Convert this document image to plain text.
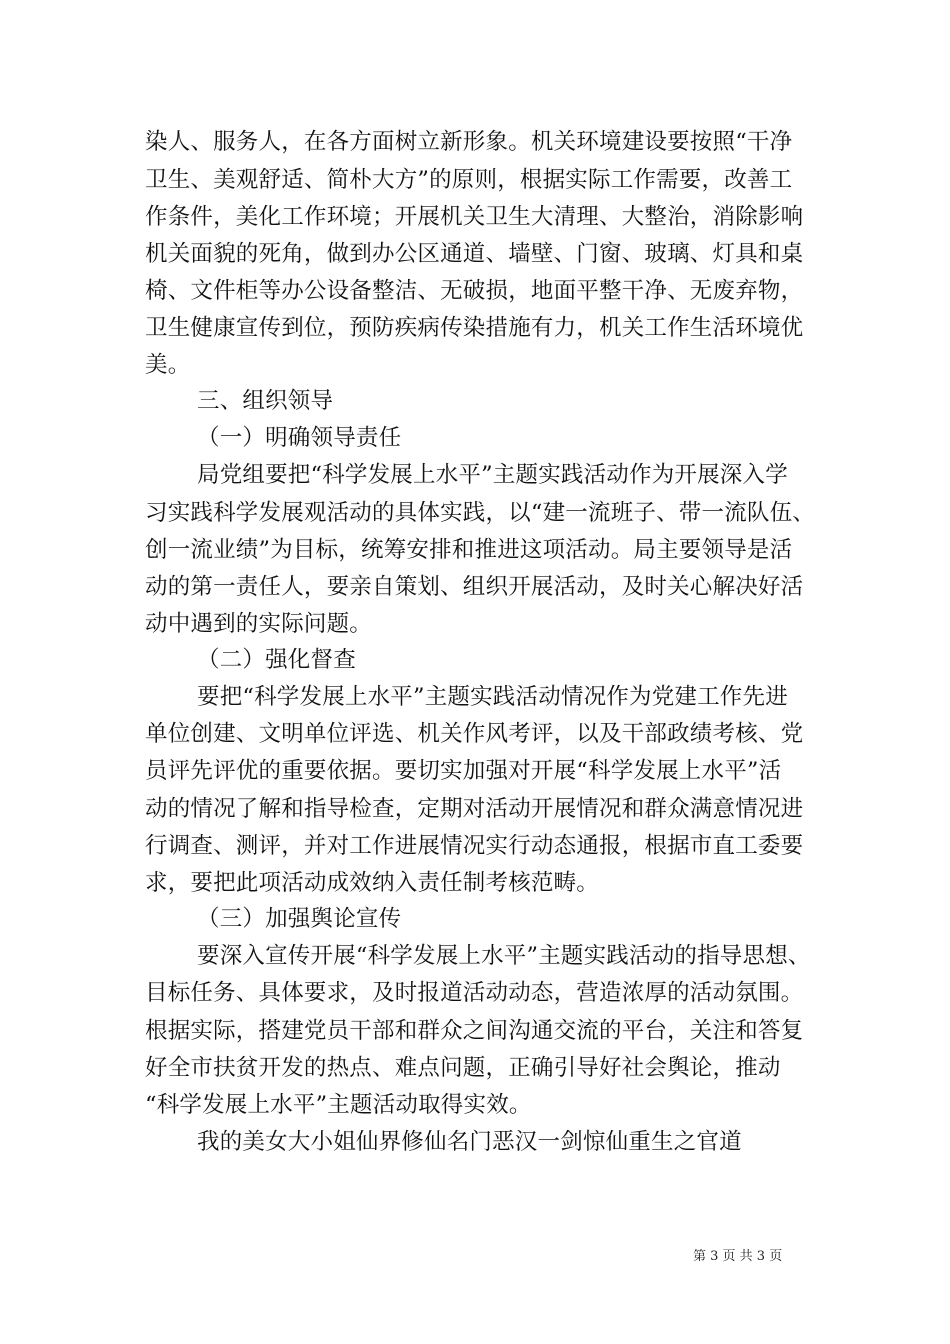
染人、服务人，在各方面树立新形象。机关环境建设要按照“干净
卫生、美观舒适、简朴大方”的原则，根据实际工作需要，改善工
作条件，美化工作环境；开展机关卫生大清理、大整治，消除影响
机关面貌的死角，做到办公区通道、墙壁、门窗、玻璃、灯具和桌
椅、文件柜等办公设备整洁、无破损，地面平整干净、无废弃物，
卫生健康宣传到位，预防疾病传染措施有力，机关工作生活环境优
美。
三、组织领导
（一）明确领导责任
局党组要把“科学发展上水平”主题实践活动作为开展深入学
习实践科学发展观活动的具体实践，以“建一流班子、带一流队伍、
创一流业绩”为目标，统筹安排和推进这项活动。局主要领导是活
动的第一责任人，要亲自策划、组织开展活动，及时关心解决好活
动中遇到的实际问题。
（二）强化督查
要把“科学发展上水平”主题实践活动情况作为党建工作先进
单位创建、文明单位评选、机关作风考评，以及干部政绩考核、党
员评先评优的重要依据。要切实加强对开展“科学发展上水平”活
动的情况了解和指导检查，定期对活动开展情况和群众满意情况进
行调查、测评，并对工作进展情况实行动态通报，根据市直工委要
求，要把此项活动成效纳入责任制考核范畴。
（三）加强舆论宣传
要深入宣传开展“科学发展上水平”主题实践活动的指导思想、
目标任务、具体要求，及时报道活动动态，营造浓厚的活动氛围。
根据实际，搭建党员干部和群众之间沟通交流的平台，关注和答复
好全市扶贫开发的热点、难点问题，正确引导好社会舆论，推动
“科学发展上水平”主题活动取得实效。
我的美女大小姐仙界修仙名门恶汉一剑惊仙重生之官道
第 3 页 共 3 页
